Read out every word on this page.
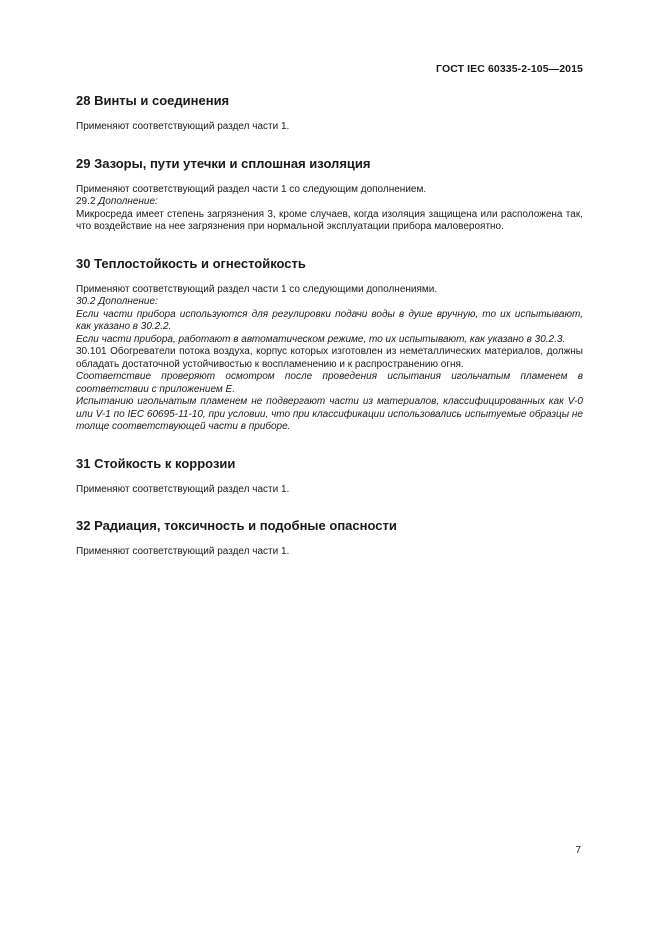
ГОСТ IEC 60335-2-105—2015
28 Винты и соединения

Применяют соответствующий раздел части 1.

29 Зазоры, пути утечки и сплошная изоляция

Применяют соответствующий раздел части 1 со следующим дополнением.

29.2 Дополнение:

Микросреда имеет степень загрязнения 3, кроме случаев, когда изоляция защищена или расположена так, что воздействие на нее загрязнения при нормальной эксплуатации прибора маловероятно.

30 Теплостойкость и огнестойкость

Применяют соответствующий раздел части 1 со следующими дополнениями.

30.2 Дополнение:

Если части прибора используются для регулировки подачи воды в душе вручную, то их испытывают, как указано в 30.2.2.

Если части прибора, работают в автоматическом режиме, то их испытывают, как указано в 30.2.3.

30.101 Обогреватели потока воздуха, корпус которых изготовлен из неметаллических материалов, должны обладать достаточной устойчивостью к воспламенению и к распространению огня.

Соответствие проверяют осмотром после проведения испытания игольчатым пламенем в соответствии с приложением Е.

Испытанию игольчатым пламенем не подвергают части из материалов, классифицированных как V-0 или V-1 по IEC 60695-11-10, при условии, что при классификации использовались испытуемые образцы не толще соответствующей части в приборе.

31 Стойкость к коррозии

Применяют соответствующий раздел части 1.

32 Радиация, токсичность и подобные опасности

Применяют соответствующий раздел части 1.

7
